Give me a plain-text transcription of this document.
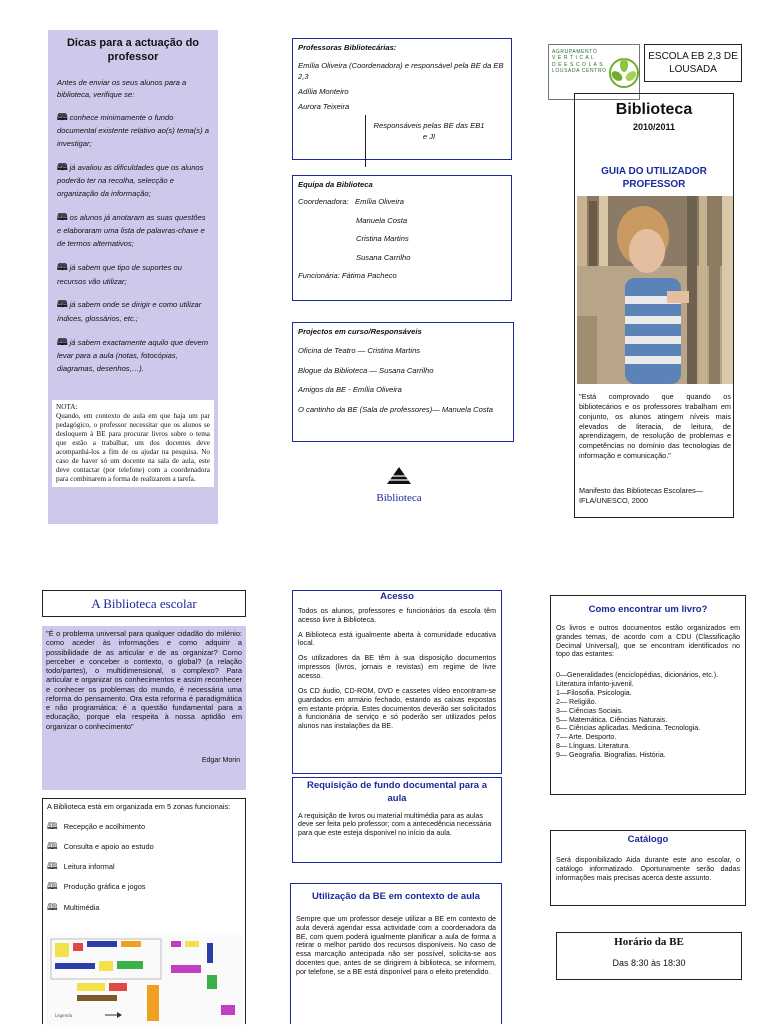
Dicas para a actuação do professor

Antes de enviar os seus alunos para a biblioteca, verifique se:

🕮 conhece minimamente o fundo documental existente relativo ao(s) tema(s) a investigar;

🕮 já avaliou as dificuldades que os alunos poderão ter na recolha, selecção e organização da informação;

🕮 os alunos já anotaram as suas questões e elaboraram uma lista de palavras-chave e de termos alternativos;

🕮 já sabem que tipo de suportes ou recursos vão utilizar;

🕮 já sabem onde se dirigir e como utilizar índices, glossários, etc.;

🕮 já sabem exactamente aquilo que devem levar para a aula (notas, fotocópias, diagramas, desenhos,…).

NOTA:
Quando, em contexto de aula em que haja um par pedagógico, o professor necessitar que os alunos se desloquem à BE para procurar livros sobre o tema que estão a trabalhar, um dos docentes deve acompanhá-los a fim de os ajudar na pesquisa. No caso de haver só um docente na sala de aula, este deve contactar (por telefone) com a coordenadora para combinarem a forma de realizarem a tarefa.
Professoras Bibliotecárias:
Emília Oliveira (Coordenadora) e responsável pela BE da EB 2,3
Adília Monteiro
Aurora Teixeira
Responsáveis pelas BE das EB1 e JI
Equipa da Biblioteca
Coordenadora: Emília Oliveira
Manuela Costa
Cristina Martins
Susana Carrilho
Funcionária: Fátima Pacheco
Projectos em curso/Responsáveis
Oficina de Teatro — Cristina Martins
Blogue da Biblioteca — Susana Carrilho
Amigos da BE - Emília Oliveira
O cantinho da BE (Sala de professores)— Manuela Costa
Biblioteca
AGRUPAMENTO
V E R T I C A L
D E E S C O L A S
LOUSADA CENTRO
ESCOLA EB 2,3 DE LOUSADA
Biblioteca
2010/2011
GUIA DO UTILIZADOR PROFESSOR
"Está comprovado que quando os bibliotecários e os professores trabalham em conjunto, os alunos atingem níveis mais elevados de literacia, de leitura, de aprendizagem, de resolução de problemas e competências no domínio das tecnologias de informação e comunicação."
Manifesto das Bibliotecas Escolares— IFLA/UNESCO, 2000
A Biblioteca escolar
"É o problema universal para qualquer cidadão do milénio: como aceder às informações e como adquirir a possibilidade de as articular e de as organizar? Como perceber e conceber o contexto, o global? (a relação todo/partes), o multidimensional, o complexo? Para articular e organizar os conhecimentos e assim reconhecer e conhecer os problemas do mundo, é necessária uma reforma do pensamento. Ora esta reforma é paradigmática e não programática: é a questão fundamental para a educação, porque ela respeita à nossa aptidão em organizar o conhecimento"
Edgar Morin
A Biblioteca está em organizada em 5 zonas funcionais:
🕮 Recepção e acolhimento
🕮 Consulta e apoio ao estudo
🕮 Leitura informal
🕮 Produção gráfica e jogos
🕮 Multimédia
Legenda
Acesso

Todos os alunos, professores e funcionários da escola têm acesso livre à Biblioteca.

A Biblioteca está igualmente aberta à comunidade educativa local.

Os utilizadores da BE têm à sua disposição documentos impressos (livros, jornais e revistas) em regime de livre acesso.

Os CD áudio, CD-ROM, DVD e cassetes vídeo encontram-se guardados em armário fechado, estando as caixas expostas em estante própria. Estes documentos deverão ser solicitados à funcionária de serviço e só poderão ser utilizados pelos alunos nas instalações da BE.

Requisição de fundo documental para a aula

A requisição de livros ou material multimédia para as aulas deve ser feita pelo professor; com a antecedência necessária para que este esteja disponível no início da aula.

Utilização da BE em contexto de aula

Sempre que um professor deseje utilizar a BE em contexto de aula deverá agendar essa actividade com a coordenadora da BE, com quem poderá igualmente planificar a aula de forma a retirar o melhor partido dos recursos disponíveis. No caso de essa marcação antecipada não ser possível, solicita-se aos docentes que, antes de se dirigirem à biblioteca, se informem, por telefone, se a BE está disponível para o efeito pretendido.

Como encontrar um livro?

Os livros e outros documentos estão organizados em grandes temas, de acordo com a CDU (Classificação Decimal Universal), que se encontram identificados no topo das estantes:

0—Generalidades (enciclopédias, dicionários, etc.). Literatura infanto-juvenil.
1—Filosofia. Psicologia.
2— Religião.
3— Ciências Sociais.
5— Matemática. Ciências Naturais.
6— Ciências aplicadas. Medicina. Tecnologia.
7— Arte. Desporto.
8— Línguas. Literatura.
9— Geografia. Biografias. História.
Catálogo

Será disponibilizado Aida durante este ano escolar, o catálogo informatizado. Oportunamente serão dadas informações mais precisas acerca deste assunto.

Horário da BE
Das 8:30 às 18:30
